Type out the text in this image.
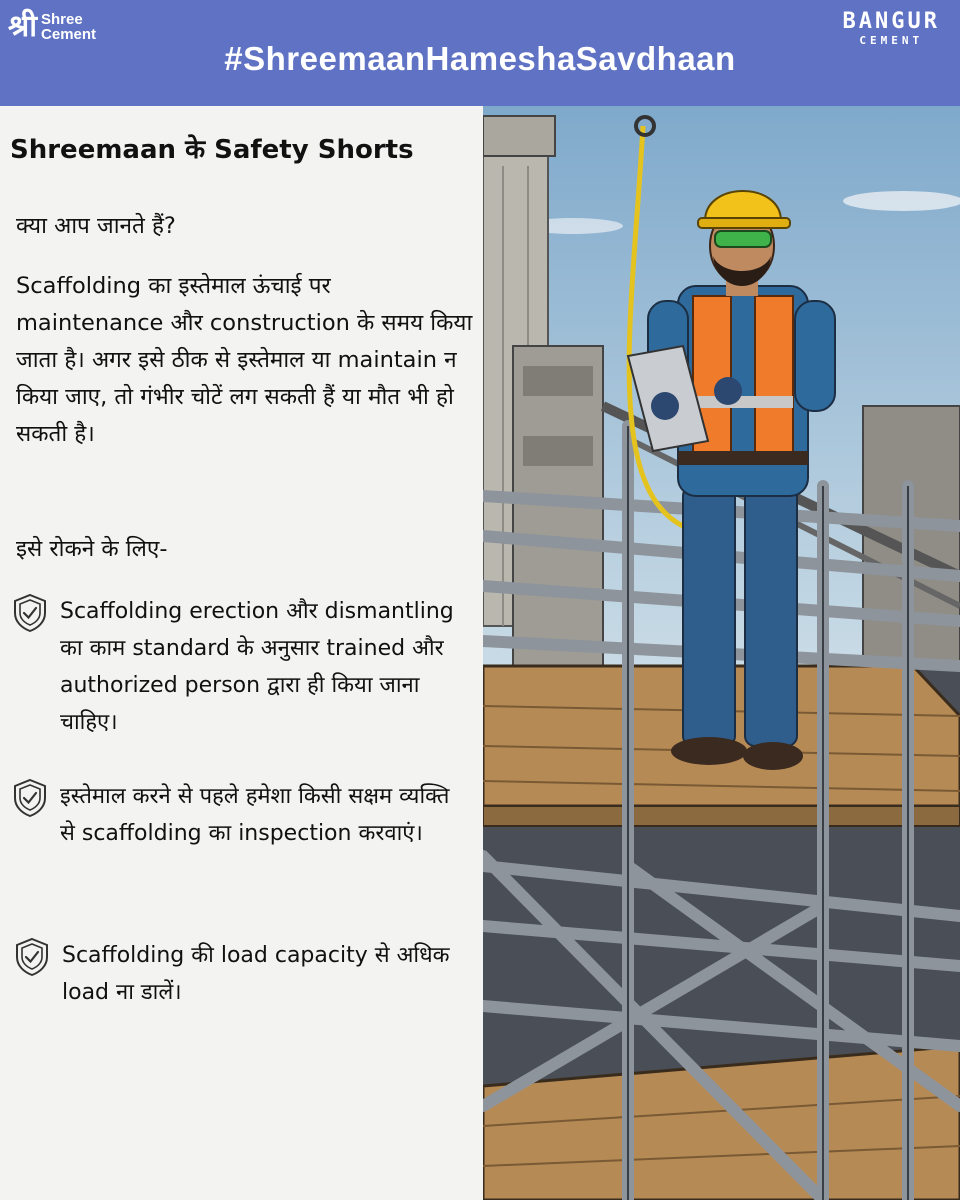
श्री Shree
Cement
BANGUR
CEMENT
#ShreemaanHameshaSavdhaan
Shreemaan के Safety Shorts
क्या आप जानते हैं?
Scaffolding का इस्तेमाल ऊंचाई पर maintenance और construction के समय किया जाता है। अगर इसे ठीक से इस्तेमाल या maintain न किया जाए, तो गंभीर चोटें लग सकती हैं या मौत भी हो सकती है।
इसे रोकने के लिए-
Scaffolding erection और dismantling का काम standard के अनुसार trained और authorized person द्वारा ही किया जाना चाहिए।
इस्तेमाल करने से पहले हमेशा किसी सक्षम व्यक्ति से scaffolding का inspection करवाएं।
Scaffolding की load capacity से अधिक load ना डालें।
